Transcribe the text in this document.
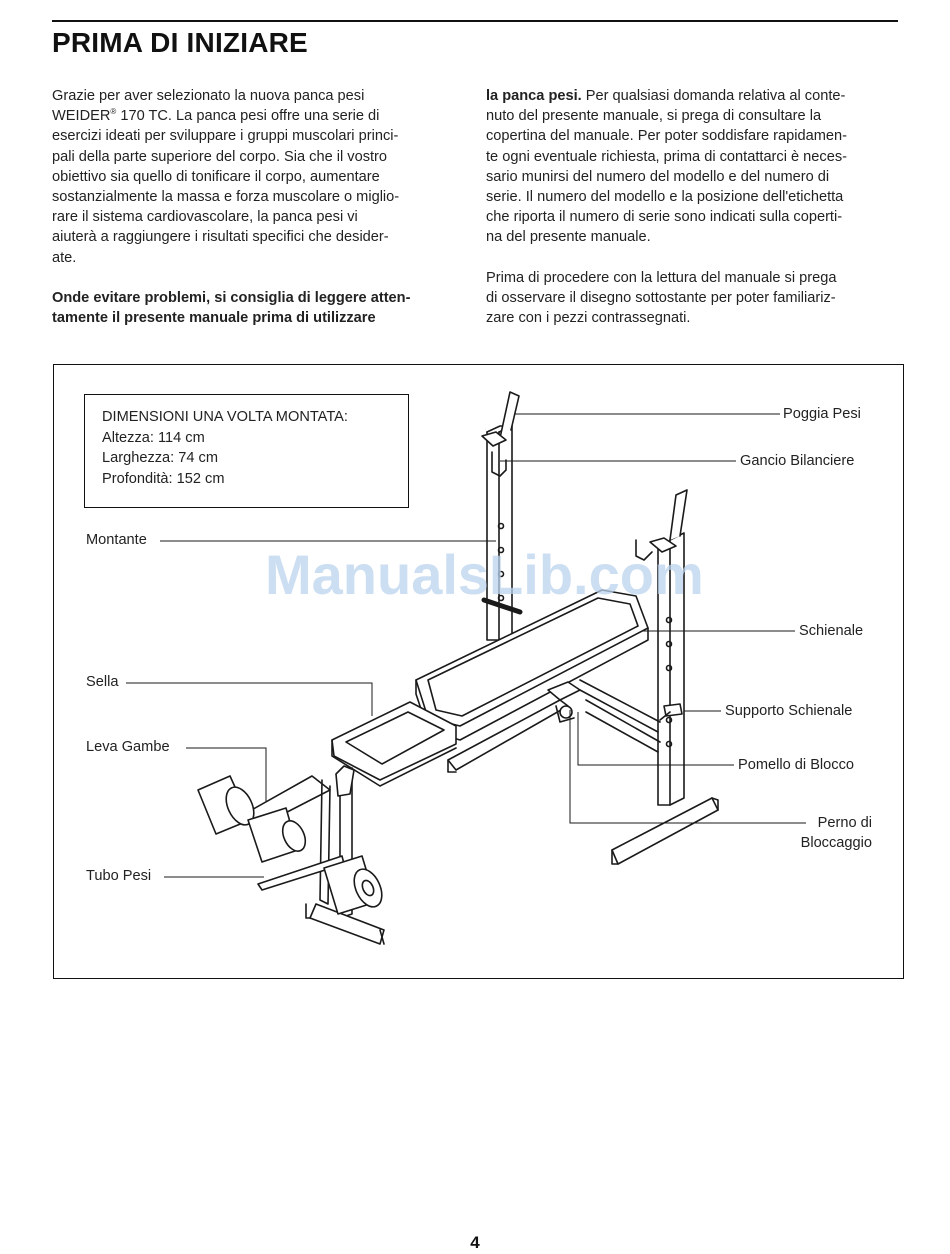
PRIMA DI INIZIARE
Grazie per aver selezionato la nuova panca pesi
WEIDER® 170 TC. La panca pesi offre una serie di
esercizi ideati per sviluppare i gruppi muscolari princi-
pali della parte superiore del corpo. Sia che il vostro
obiettivo sia quello di tonificare il corpo, aumentare
sostanzialmente la massa e forza muscolare o miglio-
rare il sistema cardiovascolare, la panca pesi vi
aiuterà a raggiungere i risultati specifici che desider-
ate.
Onde evitare problemi, si consiglia di leggere atten-
tamente il presente manuale prima di utilizzare
la panca pesi. Per qualsiasi domanda relativa al conte-
nuto del presente manuale, si prega di consultare la
copertina del manuale. Per poter soddisfare rapidamen-
te ogni eventuale richiesta, prima di contattarci è neces-
sario munirsi del numero del modello e del numero di
serie. Il numero del modello e la posizione dell'etichetta
che riporta il numero di serie sono indicati sulla coperti-
na del presente manuale.
Prima di procedere con la lettura del manuale si prega
di osservare il disegno sottostante per poter familiariz-
zare con i pezzi contrassegnati.
DIMENSIONI UNA VOLTA MONTATA:
Altezza: 114 cm
Larghezza: 74 cm
Profondità: 152 cm
Poggia Pesi
Gancio Bilanciere
Montante
Schienale
Sella
Supporto Schienale
Leva Gambe
Pomello di Blocco
Perno di
Bloccaggio
Tubo Pesi
ManualsLib.com
4
